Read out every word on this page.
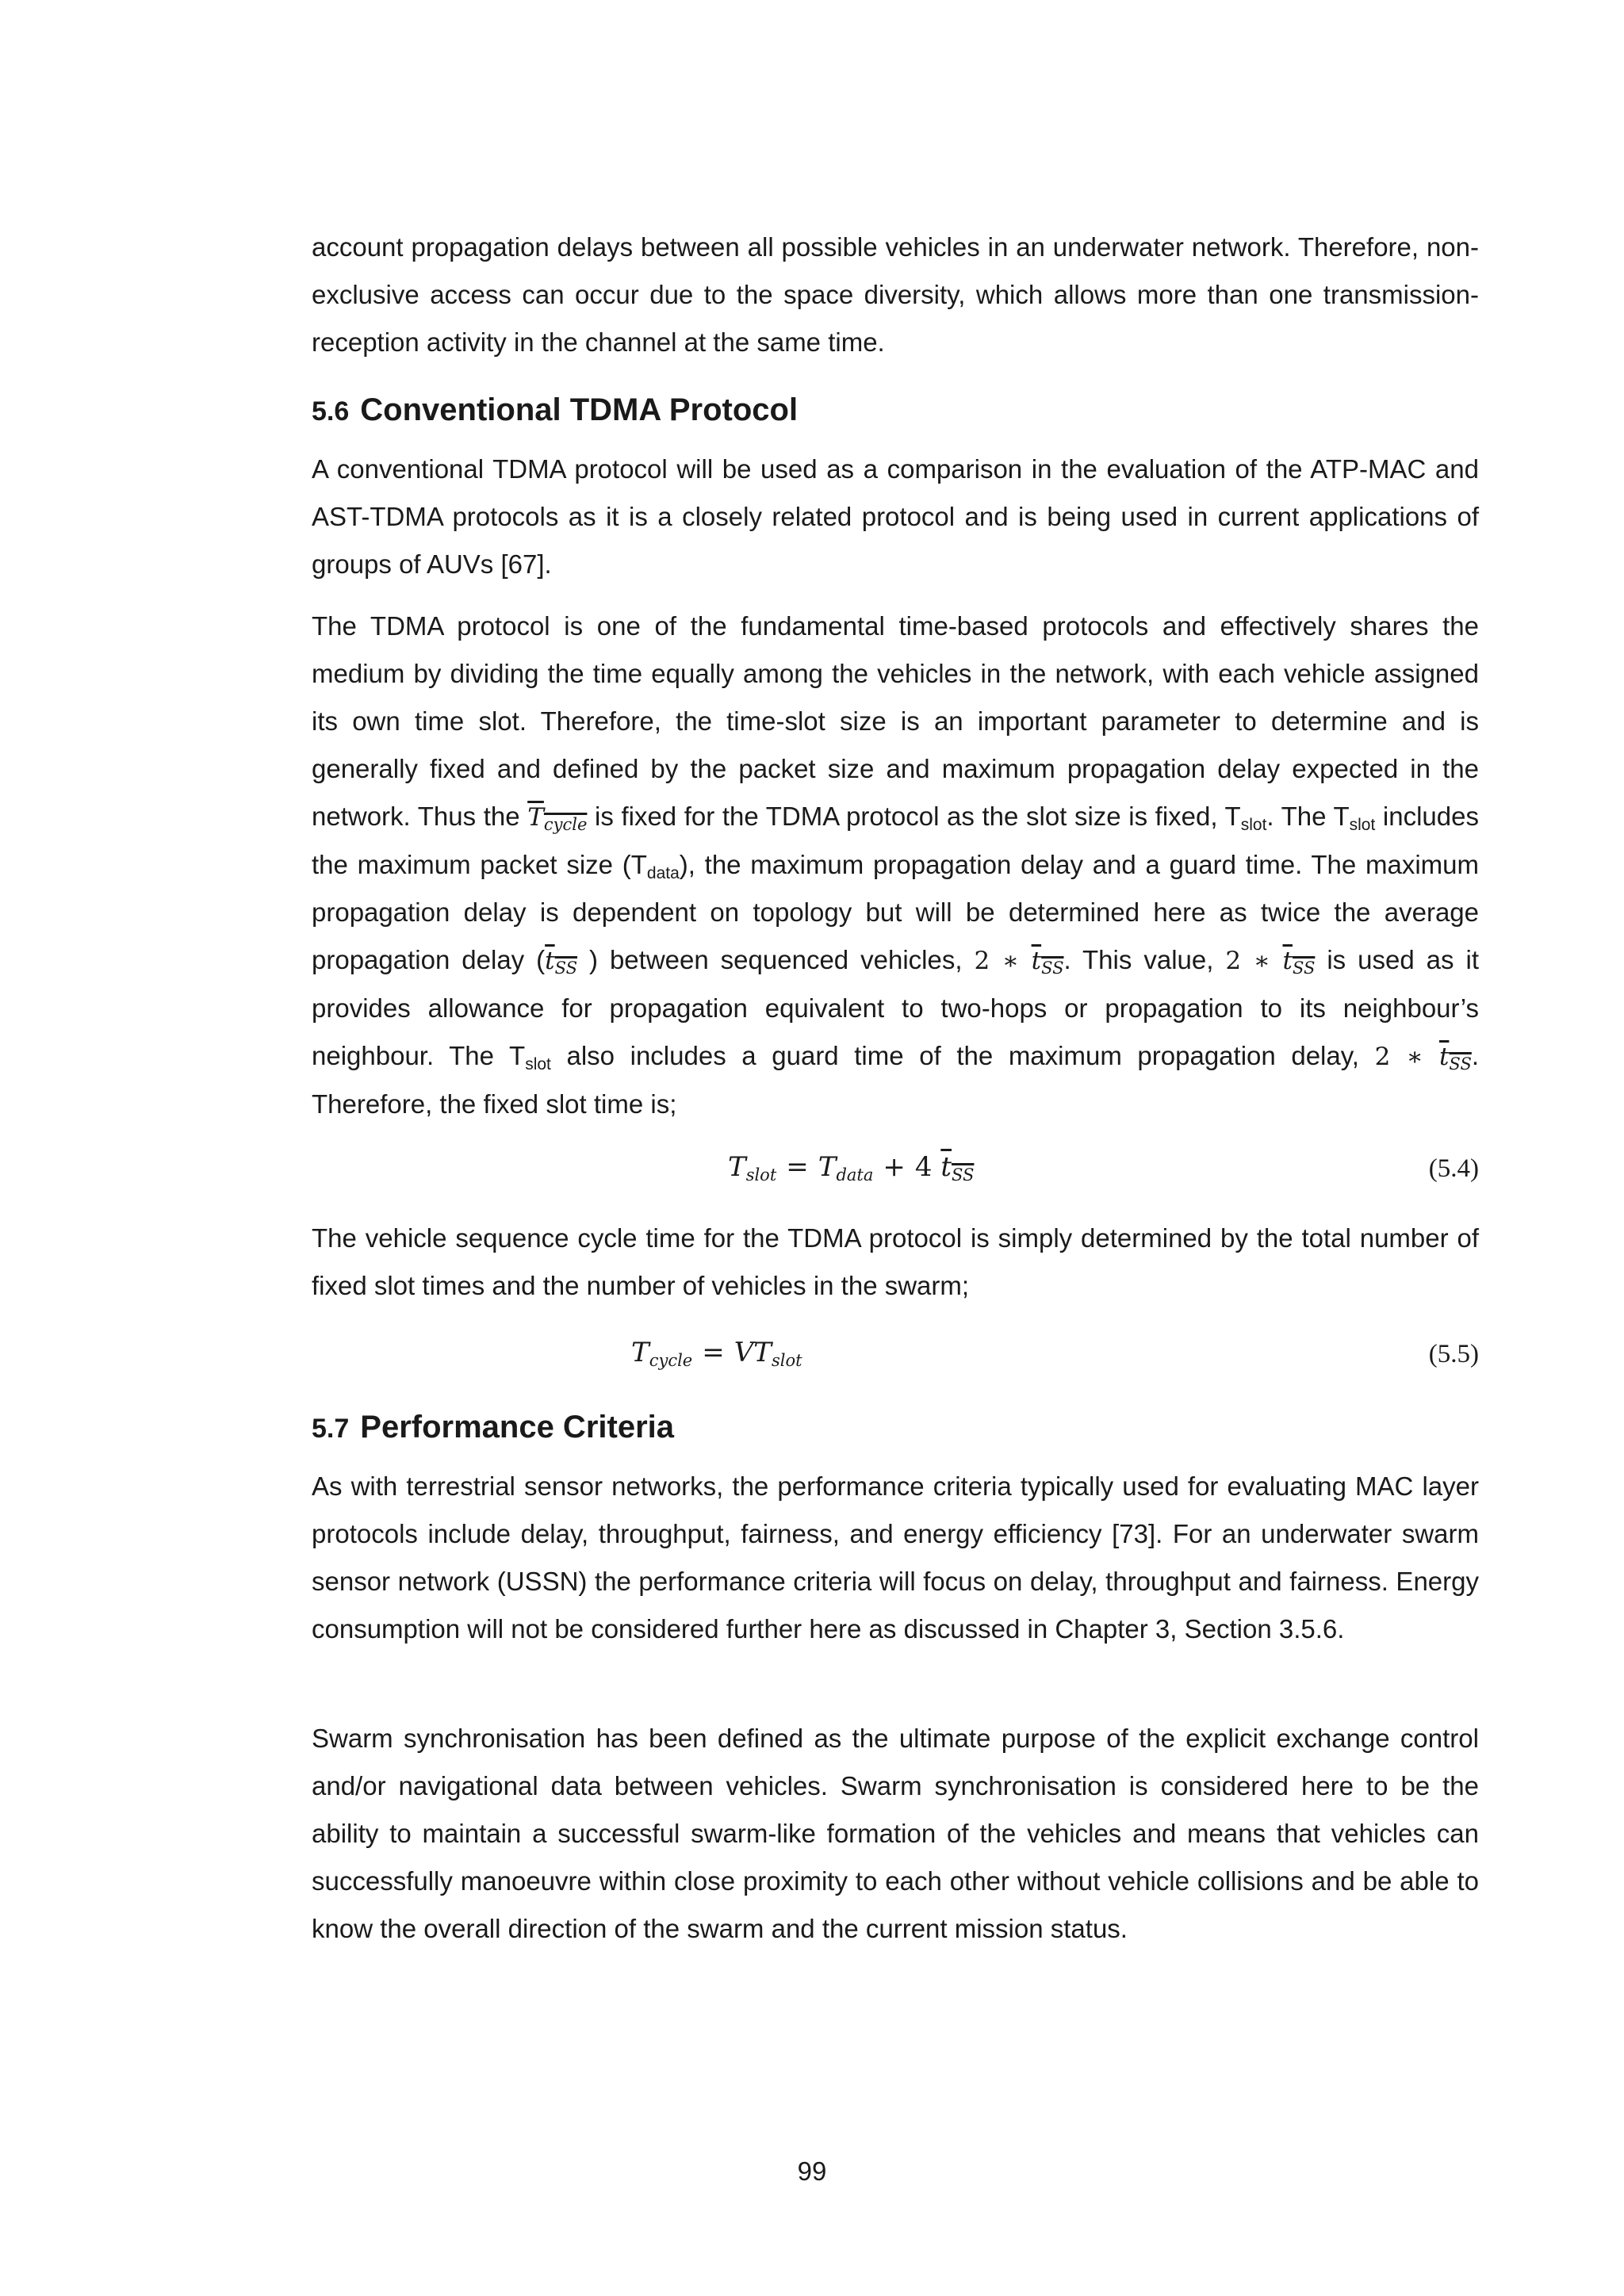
account propagation delays between all possible vehicles in an underwater network. Therefore, non-exclusive access can occur due to the space diversity, which allows more than one transmission-reception activity in the channel at the same time.

5.6 Conventional TDMA Protocol

A conventional TDMA protocol will be used as a comparison in the evaluation of the ATP-MAC and AST-TDMA protocols as it is a closely related protocol and is being used in current applications of groups of AUVs [67].

The TDMA protocol is one of the fundamental time-based protocols and effectively shares the medium by dividing the time equally among the vehicles in the network, with each vehicle assigned its own time slot. Therefore, the time-slot size is an important parameter to determine and is generally fixed and defined by the packet size and maximum propagation delay expected in the network. Thus the $T_{cycle}$ is fixed for the TDMA protocol as the slot size is fixed, $T_{slot}$. The $T_{slot}$ includes the maximum packet size $(T_{data})$, the maximum propagation delay and a guard time. The maximum propagation delay is dependent on topology but will be determined here as twice the average propagation delay ($t_{SS}$ ) between sequenced vehicles, 2 ∗ $t_{SS}$. This value, 2 ∗ $t_{SS}$ is used as it provides allowance for propagation equivalent to two-hops or propagation to its neighbour’s neighbour. The $T_{slot}$ also includes a guard time of the maximum propagation delay, 2 ∗ $t_{SS}$. Therefore, the fixed slot time is;

$T_{slot} = T_{data} + 4$ $t_{SS}$	(5.4)

The vehicle sequence cycle time for the TDMA protocol is simply determined by the total number of fixed slot times and the number of vehicles in the swarm;

$T_{cycle} = VT_{slot}$	(5.5)
5.7 Performance Criteria

As with terrestrial sensor networks, the performance criteria typically used for evaluating MAC layer protocols include delay, throughput, fairness, and energy efficiency [73]. For an underwater swarm sensor network (USSN) the performance criteria will focus on delay, throughput and fairness. Energy consumption will not be considered further here as discussed in Chapter 3, Section 3.5.6.

Swarm synchronisation has been defined as the ultimate purpose of the explicit exchange control and/or navigational data between vehicles. Swarm synchronisation is considered here to be the ability to maintain a successful swarm-like formation of the vehicles and means that vehicles can successfully manoeuvre within close proximity to each other without vehicle collisions and be able to know the overall direction of the swarm and the current mission status.

99
